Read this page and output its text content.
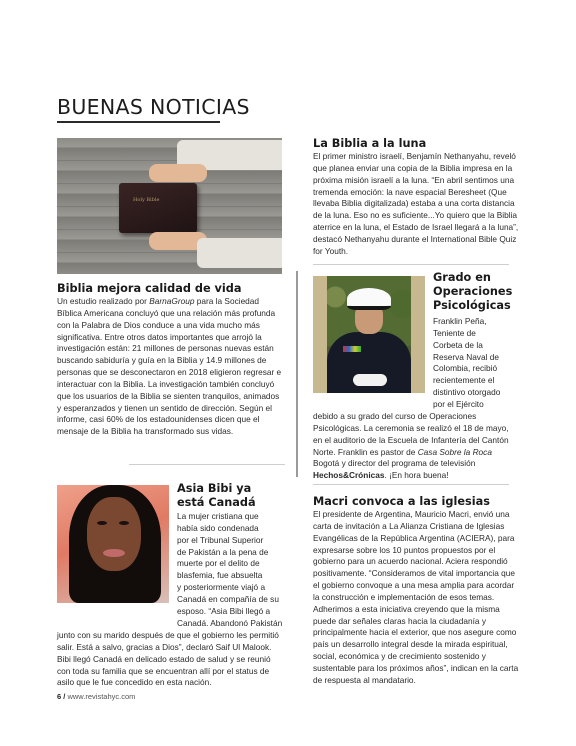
BUENAS NOTICIAS
Holy Bible
Biblia mejora calidad de vida

Un estudio realizado por BarnaGroup para la Sociedad Bíblica Americana concluyó que una relación más profunda con la Palabra de Dios conduce a una vida mucho más significativa. Entre otros datos importantes que arrojó la investigación están: 21 millones de personas nuevas están buscando sabiduría y guía en la Biblia y 14.9 millones de personas que se desconectaron en 2018 eligieron regresar e interactuar con la Biblia. La investigación también concluyó que los usuarios de la Biblia se sienten tranquilos, animados y esperanzados y tienen un sentido de dirección. Según el informe, casi 60% de los estadounidenses dicen que el mensaje de la Biblia ha transformado sus vidas.

Asia Bibi ya
está Canadá
La mujer cristiana que
había sido condenada
por el Tribunal Superior
de Pakistán a la pena de
muerte por el delito de
blasfemia, fue absuelta
y posteriormente viajó a
Canadá en compañía de su
esposo. “Asia Bibi llegó a
Canadá. Abandonó Pakistán

junto con su marido después de que el gobierno les permitió salir. Está a salvo, gracias a Dios”, declaró Saif Ul Malook. Bibi llegó Canadá en delicado estado de salud y se reunió con toda su familia que se encuentran allí por el status de asilo que le fue concedido en esta nación.

La Biblia a la luna

El primer ministro israelí, Benjamín Nethanyahu, reveló que planea enviar una copia de la Biblia impresa en la próxima misión israelí a la luna. “En abril sentimos una tremenda emoción: la nave espacial Beresheet (Que llevaba Biblia digitalizada) estaba a una corta distancia de la luna. Eso no es suficiente...Yo quiero que la Biblia aterrice en la luna, el Estado de Israel llegará a la luna”, destacó Nethanyahu durante el International Bible Quiz for Youth.

Grado en Operaciones Psicológicas
Franklin Peña,
Teniente de
Corbeta de la
Reserva Naval de
Colombia, recibió
recientemente el
distintivo otorgado
por el Ejército

debido a su grado del curso de Operaciones Psicológicas. La ceremonia se realizó el 18 de mayo, en el auditorio de la Escuela de Infantería del Cantón Norte. Franklin es pastor de Casa Sobre la Roca Bogotá y director del programa de televisión Hechos&Crónicas. ¡En hora buena!

Macri convoca a las iglesias

El presidente de Argentina, Mauricio Macri, envió una carta de invitación a La Alianza Cristiana de Iglesias Evangélicas de la República Argentina (ACIERA), para expresarse sobre los 10 puntos propuestos por el gobierno para un acuerdo nacional. Aciera respondió positivamente. “Consideramos de vital importancia que el gobierno convoque a una mesa amplia para acordar la construcción e implementación de esos temas. Adherimos a esta iniciativa creyendo que la misma puede dar señales claras hacia la ciudadanía y principalmente hacia el exterior, que nos asegure como país un desarrollo integral desde la mirada espiritual, social, económica y de crecimiento sostenido y sustentable para los próximos años”, indican en la carta de respuesta al mandatario.

6 / www.revistahyc.com
